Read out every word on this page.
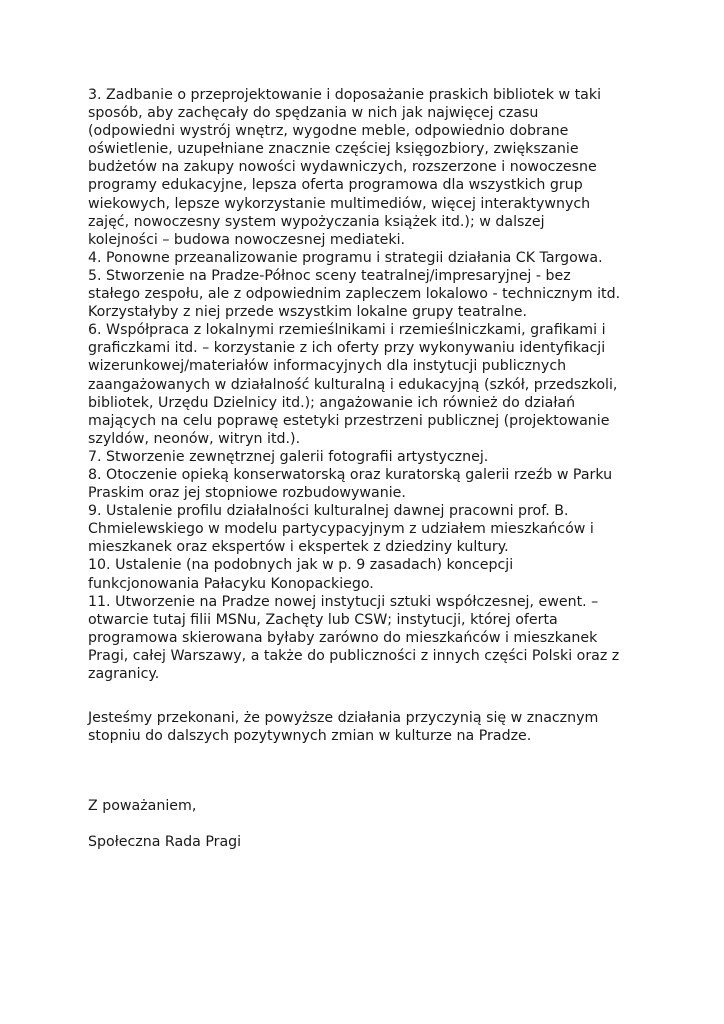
3. Zadbanie o przeprojektowanie i doposażanie praskich bibliotek w taki
sposób, aby zachęcały do spędzania w nich jak najwięcej czasu
(odpowiedni wystrój wnętrz, wygodne meble, odpowiednio dobrane
oświetlenie, uzupełniane znacznie częściej księgozbiory, zwiększanie
budżetów na zakupy nowości wydawniczych, rozszerzone i nowoczesne
programy edukacyjne, lepsza oferta programowa dla wszystkich grup
wiekowych, lepsze wykorzystanie multimediów, więcej interaktywnych
zajęć, nowoczesny system wypożyczania książek itd.); w dalszej
kolejności – budowa nowoczesnej mediateki.
4. Ponowne przeanalizowanie programu i strategii działania CK Targowa.
5. Stworzenie na Pradze-Północ sceny teatralnej/impresaryjnej - bez
stałego zespołu, ale z odpowiednim zapleczem lokalowo - technicznym itd.
Korzystałyby z niej przede wszystkim lokalne grupy teatralne.
6. Współpraca z lokalnymi rzemieślnikami i rzemieślniczkami, grafikami i
graficzkami itd. – korzystanie z ich oferty przy wykonywaniu identyfikacji
wizerunkowej/materiałów informacyjnych dla instytucji publicznych
zaangażowanych w działalność kulturalną i edukacyjną (szkół, przedszkoli,
bibliotek, Urzędu Dzielnicy itd.); angażowanie ich również do działań
mających na celu poprawę estetyki przestrzeni publicznej (projektowanie
szyldów, neonów, witryn itd.).
7. Stworzenie zewnętrznej galerii fotografii artystycznej.
8. Otoczenie opieką konserwatorską oraz kuratorską galerii rzeźb w Parku
Praskim oraz jej stopniowe rozbudowywanie.
9. Ustalenie profilu działalności kulturalnej dawnej pracowni prof. B.
Chmielewskiego w modelu partycypacyjnym z udziałem mieszkańców i
mieszkanek oraz ekspertów i ekspertek z dziedziny kultury.
10. Ustalenie (na podobnych jak w p. 9 zasadach) koncepcji
funkcjonowania Pałacyku Konopackiego.
11. Utworzenie na Pradze nowej instytucji sztuki współczesnej, ewent. –
otwarcie tutaj filii MSNu, Zachęty lub CSW; instytucji, której oferta
programowa skierowana byłaby zarówno do mieszkańców i mieszkanek
Pragi, całej Warszawy, a także do publiczności z innych części Polski oraz z
zagranicy.
Jesteśmy przekonani, że powyższe działania przyczynią się w znacznym
stopniu do dalszych pozytywnych zmian w kulturze na Pradze.
Z poważaniem,
Społeczna Rada Pragi
